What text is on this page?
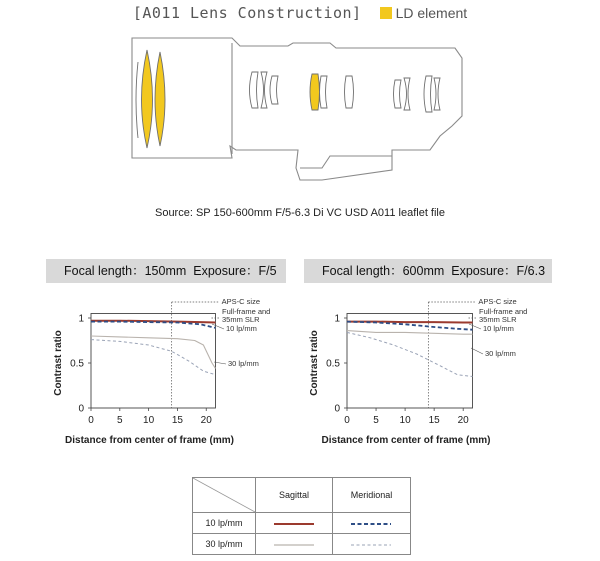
[A011 Lens Construction] LD element
Source: SP 150-600mm F/5-6.3 Di VC USD A011 leaflet file
Focal length：150mm Exposure：F/5	Focal length：600mm Exposure：F/6.3
0 5 10 15 20
0
0.5
1
Distance from center of frame (mm)
Contrast ratio
APS-C size
Full-frame and
35mm SLR
10 lp/mm
30 lp/mm
0 5 10 15 20
0
0.5
1
Distance from center of frame (mm)
Contrast ratio
APS-C size
Full-frame and
35mm SLR
10 lp/mm
30 lp/mm
	Sagittal	Meridional
10 lp/mm		
30 lp/mm		
